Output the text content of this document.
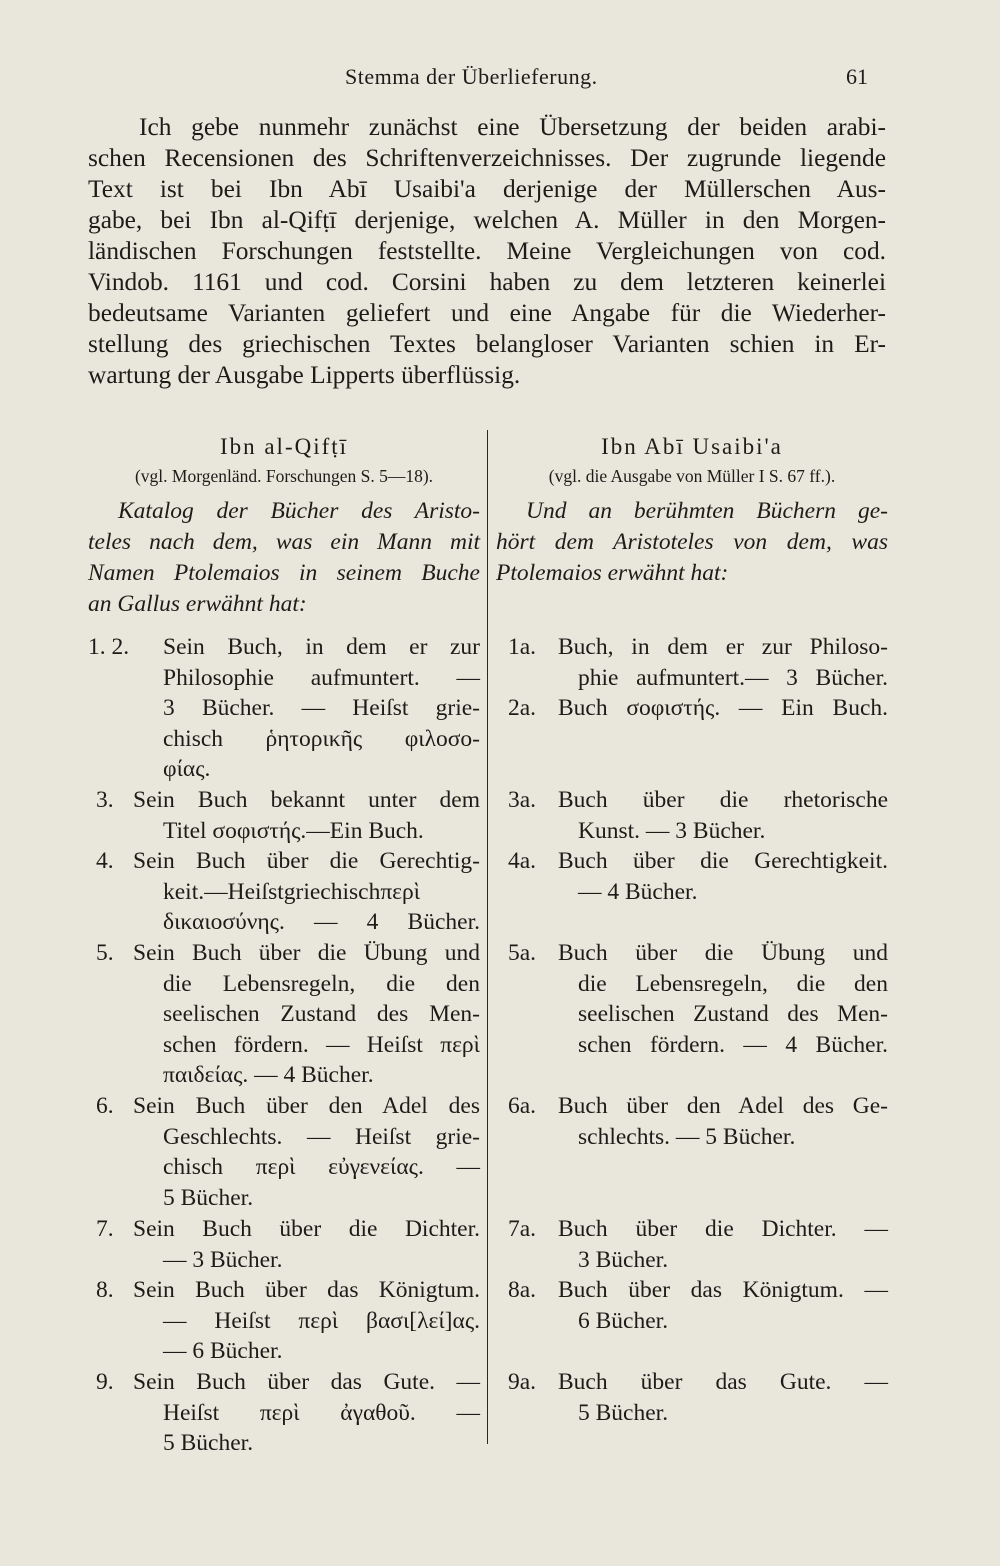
Stemma der Überlieferung.	61
Ich gebe nunmehr zunächst eine Übersetzung der beiden arabi-
schen Recensionen des Schriftenverzeichnisses. Der zugrunde liegende
Text ist bei Ibn Abī Usaibi'a derjenige der Müllerschen Aus-
gabe, bei Ibn al-Qifṭī derjenige, welchen A. Müller in den Morgen-
ländischen Forschungen feststellte. Meine Vergleichungen von cod.
Vindob. 1161 und cod. Corsini haben zu dem letzteren keinerlei
bedeutsame Varianten geliefert und eine Angabe für die Wiederher-
stellung des griechischen Textes belangloser Varianten schien in Er-
wartung der Ausgabe Lipperts überflüssig.
Ibn al-Qifṭī
(vgl. Morgenländ. Forschungen S. 5—18).
Katalog der Bücher des Aristo-
teles nach dem, was ein Mann mit
Namen Ptolemaios in seinem Buche
an Gallus erwähnt hat:
1. 2. Sein Buch, in dem er zur
Philosophie aufmuntert. —
3 Bücher. — Heiſst grie-
chisch ῥητορικῆς φιλοσο-
φίας.
3. Sein Buch bekannt unter dem
Titel σοφιστής.—Ein Buch.
4. Sein Buch über die Gerechtig-
keit.—Heiſstgriechischπερὶ
δικαιοσύνης. — 4 Bücher.
5. Sein Buch über die Übung und
die Lebensregeln, die den
seelischen Zustand des Men-
schen fördern. — Heiſst περὶ
παιδείας. — 4 Bücher.
6. Sein Buch über den Adel des
Geschlechts. — Heiſst grie-
chisch περὶ εὐγενείας. —
5 Bücher.
7. Sein Buch über die Dichter.
— 3 Bücher.
8. Sein Buch über das Königtum.
— Heiſst περὶ βασι[λεί]ας.
— 6 Bücher.
9. Sein Buch über das Gute. —
Heiſst περὶ ἀγαθοῦ. —
5 Bücher.
Ibn Abī Usaibi'a
(vgl. die Ausgabe von Müller I S. 67 ff.).
Und an berühmten Büchern ge-
hört dem Aristoteles von dem, was
Ptolemaios erwähnt hat:
1a. Buch, in dem er zur Philoso-
phie aufmuntert.— 3 Bücher.
2a. Buch σοφιστής. — Ein Buch.
3a. Buch über die rhetorische
Kunst. — 3 Bücher.
4a. Buch über die Gerechtigkeit.
— 4 Bücher.
5a. Buch über die Übung und
die Lebensregeln, die den
seelischen Zustand des Men-
schen fördern. — 4 Bücher.
6a. Buch über den Adel des Ge-
schlechts. — 5 Bücher.
7a. Buch über die Dichter. —
3 Bücher.
8a. Buch über das Königtum. —
6 Bücher.
9a. Buch über das Gute. —
5 Bücher.
